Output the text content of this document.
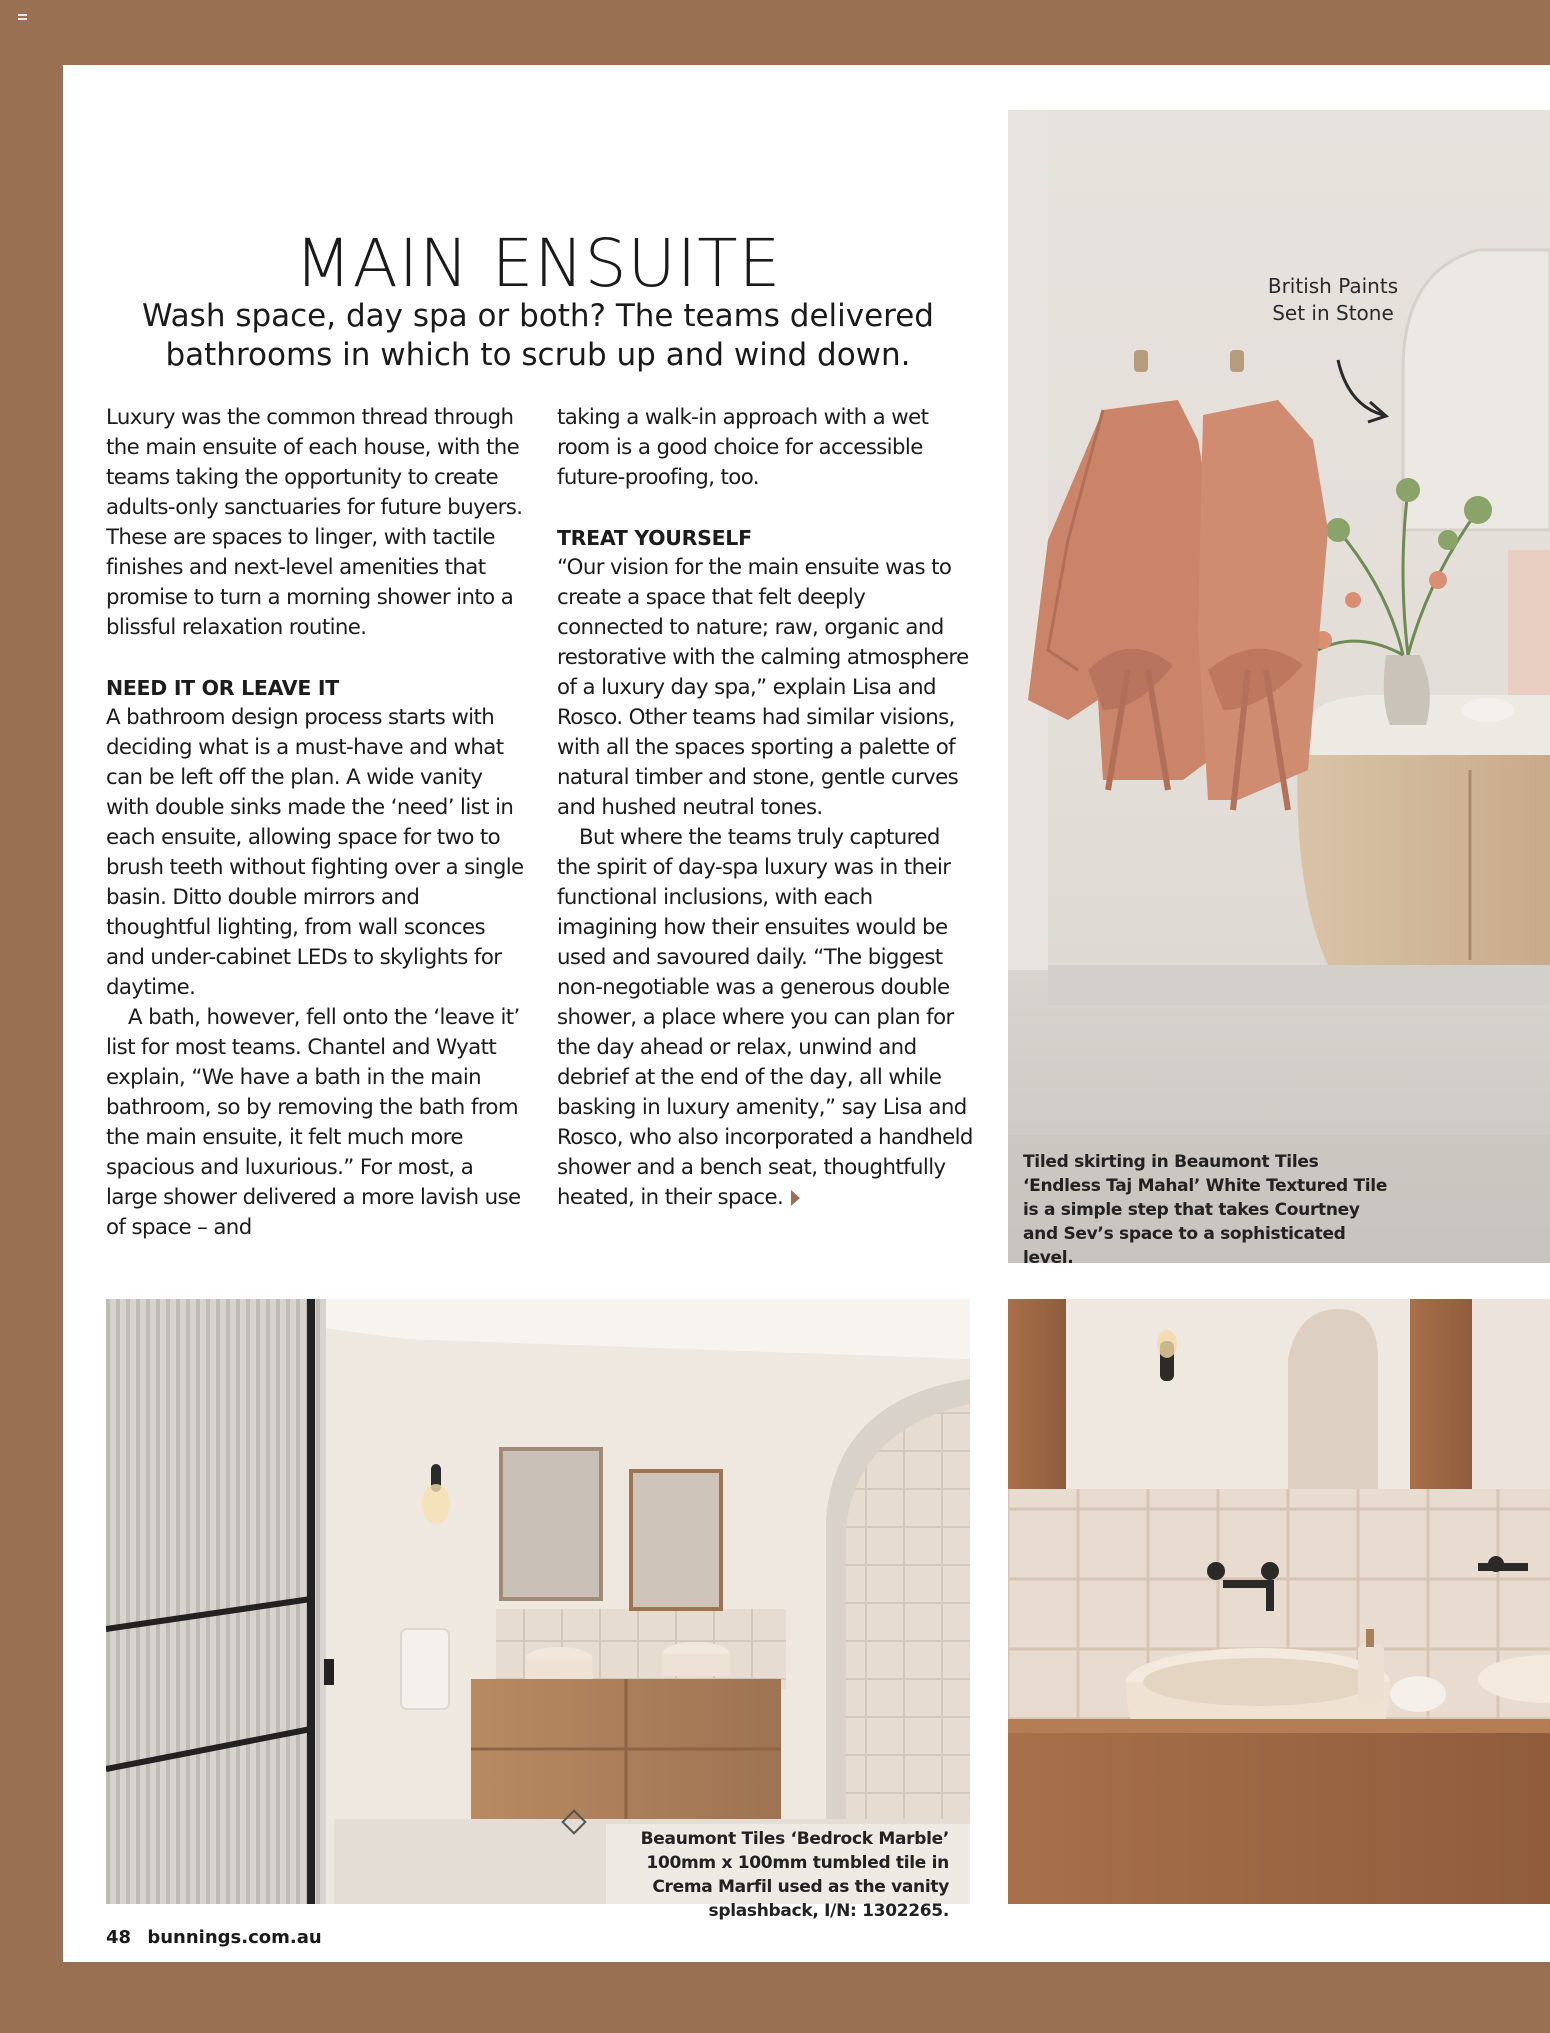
MAIN ENSUITE
Wash space, day spa or both? The teams delivered bathrooms in which to scrub up and wind down.

Luxury was the common thread through the main ensuite of each house, with the teams taking the opportunity to create adults-only sanctuaries for future buyers. These are spaces to linger, with tactile finishes and next-level amenities that promise to turn a morning shower into a blissful relaxation routine.

NEED IT OR LEAVE IT

A bathroom design process starts with deciding what is a must-have and what can be left off the plan. A wide vanity with double sinks made the ‘need’ list in each ensuite, allowing space for two to brush teeth without fighting over a single basin. Ditto double mirrors and thoughtful lighting, from wall sconces and under-cabinet LEDs to skylights for daytime.

A bath, however, fell onto the ‘leave it’ list for most teams. Chantel and Wyatt explain, “We have a bath in the main bathroom, so by removing the bath from the main ensuite, it felt much more spacious and luxurious.” For most, a large shower delivered a more lavish use of space – and

taking a walk-in approach with a wet room is a good choice for accessible future-proofing, too.

TREAT YOURSELF

“Our vision for the main ensuite was to create a space that felt deeply connected to nature; raw, organic and restorative with the calming atmosphere of a luxury day spa,” explain Lisa and Rosco. Other teams had similar visions, with all the spaces sporting a palette of natural timber and stone, gentle curves and hushed neutral tones.

But where the teams truly captured the spirit of day-spa luxury was in their functional inclusions, with each imagining how their ensuites would be used and savoured daily. “The biggest non-negotiable was a generous double shower, a place where you can plan for the day ahead or relax, unwind and debrief at the end of the day, all while basking in luxury amenity,” say Lisa and Rosco, who also incorporated a handheld shower and a bench seat, thoughtfully heated, in their space.

British Paints
Set in Stone
Tiled skirting in Beaumont Tiles ‘Endless Taj Mahal’ White Textured Tile is a simple step that takes Courtney and Sev’s space to a sophisticated level.
Beaumont Tiles ‘Bedrock Marble’ 100mm x 100mm tumbled tile in Crema Marfil used as the vanity splashback, I/N: 1302265.
48 bunnings.com.au
